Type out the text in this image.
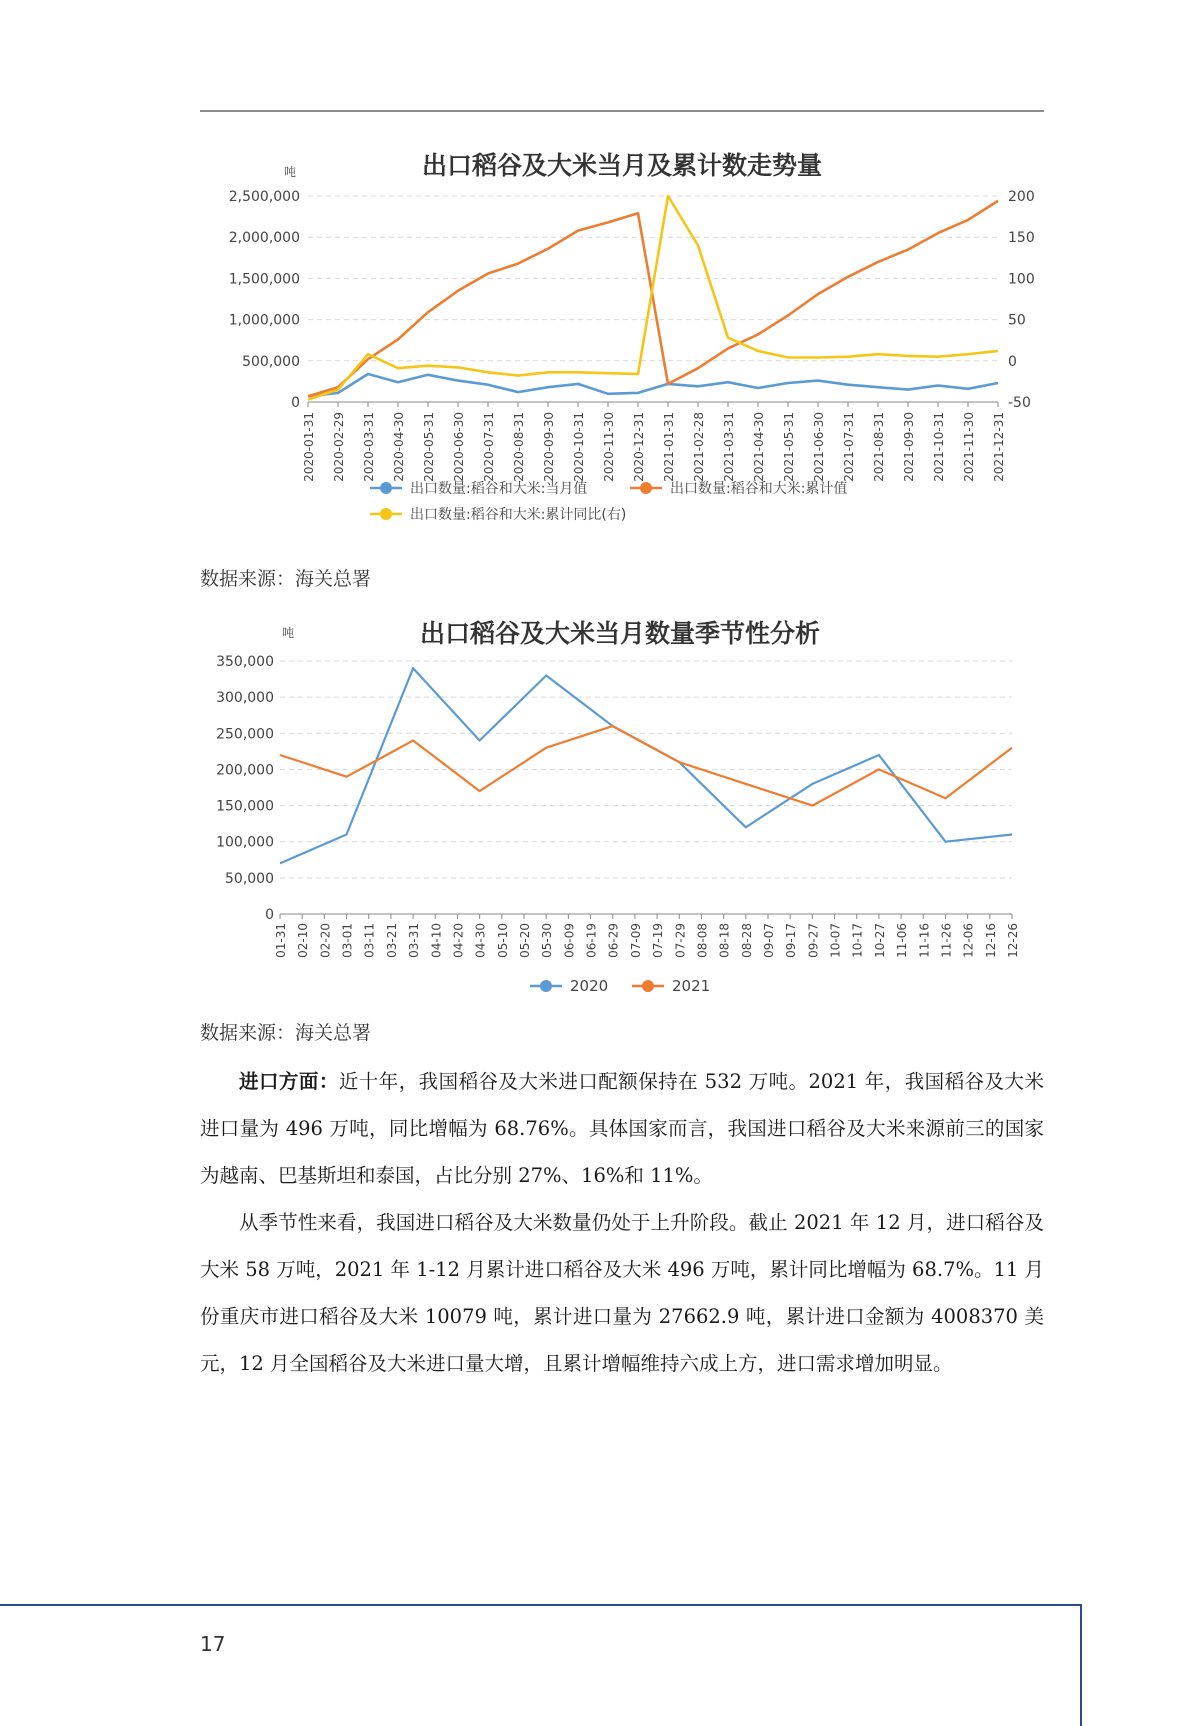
出口稻谷及大米当月及累计数走势量
吨
0	-50
500,000	0
1,000,000	50
1,500,000	100
2,000,000	150
2,500,000	200
2020-01-31 2020-02-29 2020-03-31 2020-04-30 2020-05-31 2020-06-30 2020-07-31 2020-08-31 2020-09-30 2020-10-31 2020-11-30 2020-12-31 2021-01-31 2021-02-28 2021-03-31 2021-04-30 2021-05-31 2021-06-30 2021-07-31 2021-08-31 2021-09-30 2021-10-31 2021-11-30 2021-12-31
出口数量:稻谷和大米:当月值	出口数量:稻谷和大米:累计值
出口数量:稻谷和大米:累计同比(右)
数据来源：海关总署
出口稻谷及大米当月数量季节性分析
吨
0
50,000
100,000
150,000
200,000
250,000
300,000
350,000
01-31 02-10 02-20 03-01 03-11 03-21 03-31 04-10 04-20 04-30 05-10 05-20 05-30 06-09 06-19 06-29 07-09 07-19 07-29 08-08 08-18 08-28 09-07 09-17 09-27 10-07 10-17 10-27 11-06 11-16 11-26 12-06 12-16 12-26
2020	2021
数据来源：海关总署

进口方面：近十年，我国稻谷及大米进口配额保持在 532 万吨。2021 年，我国稻谷及大米进口量为 496 万吨，同比增幅为 68.76%。具体国家而言，我国进口稻谷及大米来源前三的国家为越南、巴基斯坦和泰国，占比分别 27%、16%和 11%。

从季节性来看，我国进口稻谷及大米数量仍处于上升阶段。截止 2021 年 12 月，进口稻谷及大米 58 万吨，2021 年 1-12 月累计进口稻谷及大米 496 万吨，累计同比增幅为 68.7%。11 月份重庆市进口稻谷及大米 10079 吨，累计进口量为 27662.9 吨，累计进口金额为 4008370 美元，12 月全国稻谷及大米进口量大增，且累计增幅维持六成上方，进口需求增加明显。

17
